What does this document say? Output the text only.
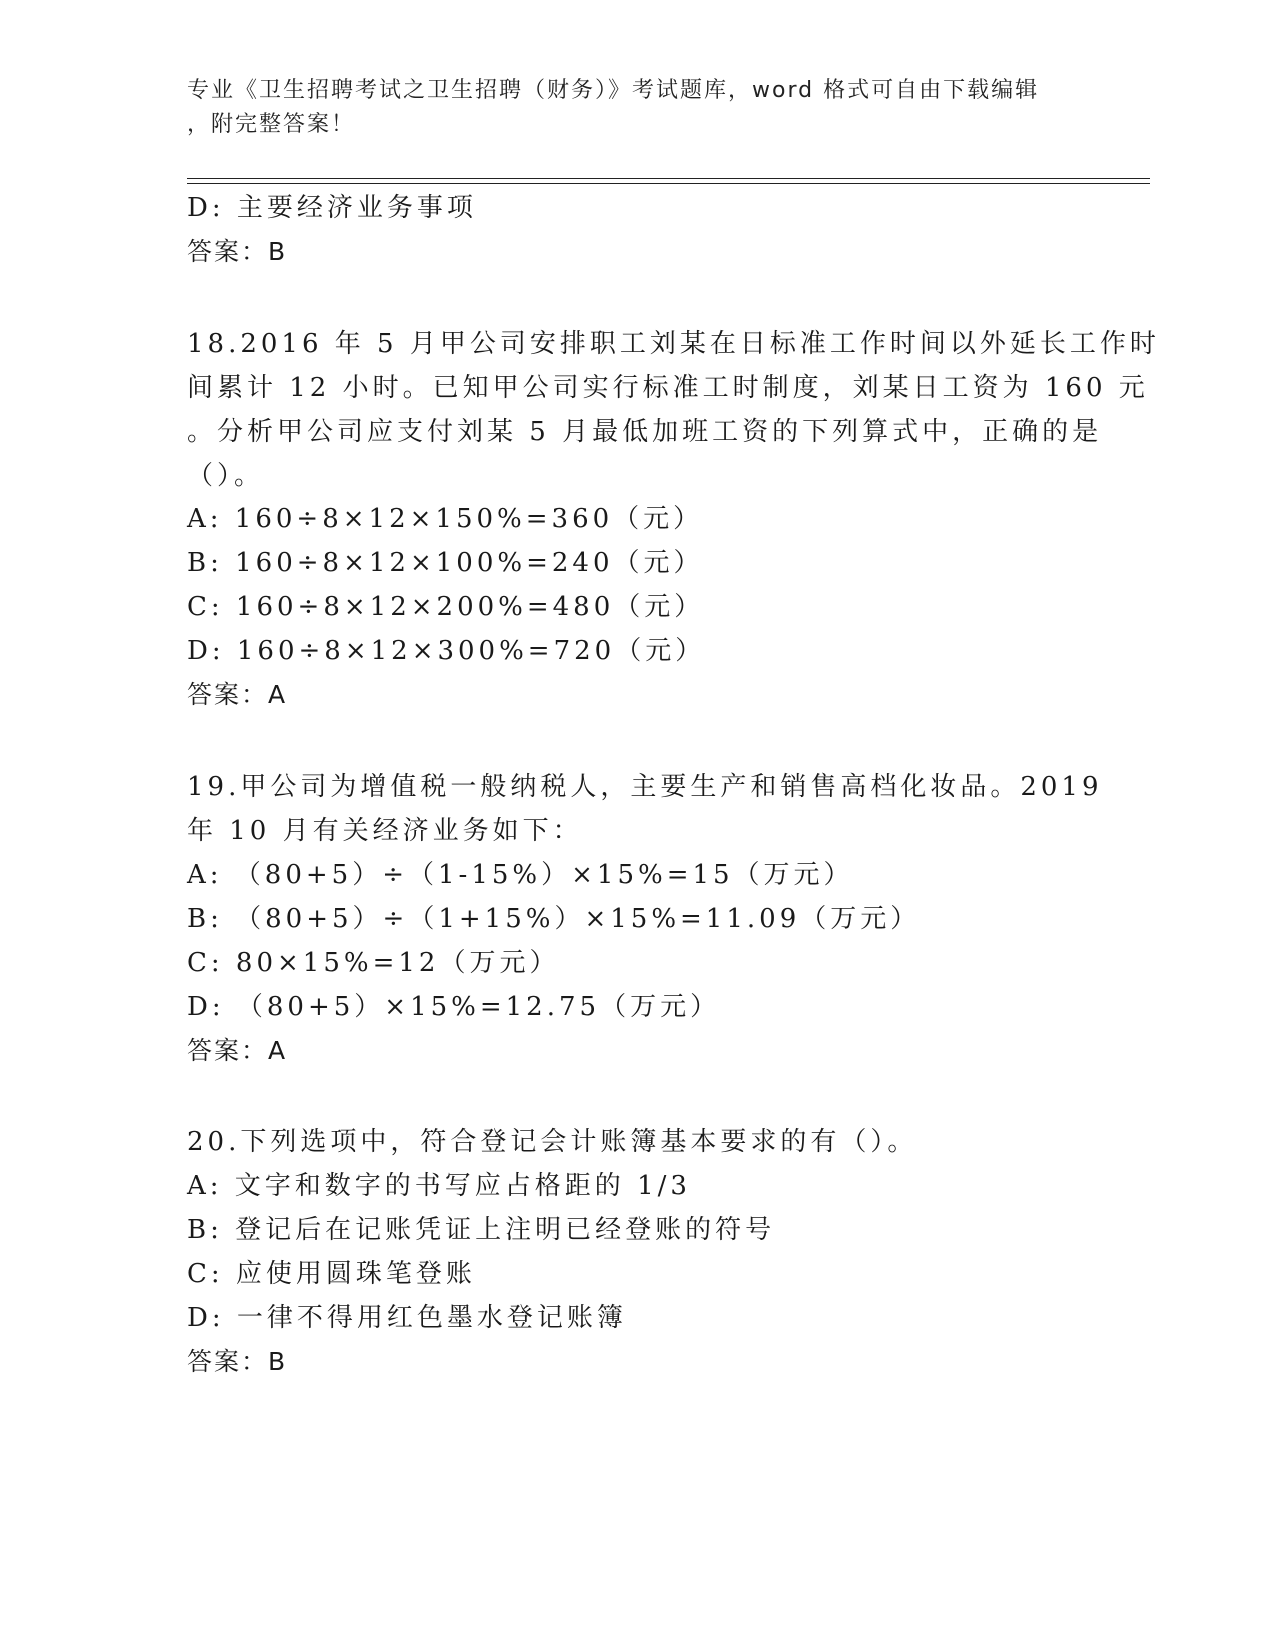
专业《卫生招聘考试之卫生招聘（财务）》考试题库，word 格式可自由下载编辑
，附完整答案！
D: 主要经济业务事项
答案：B
18.2016 年 5 月甲公司安排职工刘某在日标准工作时间以外延长工作时
间累计 12 小时。已知甲公司实行标准工时制度，刘某日工资为 160 元
。分析甲公司应支付刘某 5 月最低加班工资的下列算式中，正确的是
（）。
A: 160÷8×12×150%=360（元）
B: 160÷8×12×100%=240（元）
C: 160÷8×12×200%=480（元）
D: 160÷8×12×300%=720（元）
答案：A
19.甲公司为增值税一般纳税人，主要生产和销售高档化妆品。2019
年 10 月有关经济业务如下：
A: （80+5）÷（1-15%）×15%=15（万元）
B: （80+5）÷（1+15%）×15%=11.09（万元）
C: 80×15%=12（万元）
D: （80+5）×15%=12.75（万元）
答案：A
20.下列选项中，符合登记会计账簿基本要求的有（）。
A: 文字和数字的书写应占格距的 1/3
B: 登记后在记账凭证上注明已经登账的符号
C: 应使用圆珠笔登账
D: 一律不得用红色墨水登记账簿
答案：B
